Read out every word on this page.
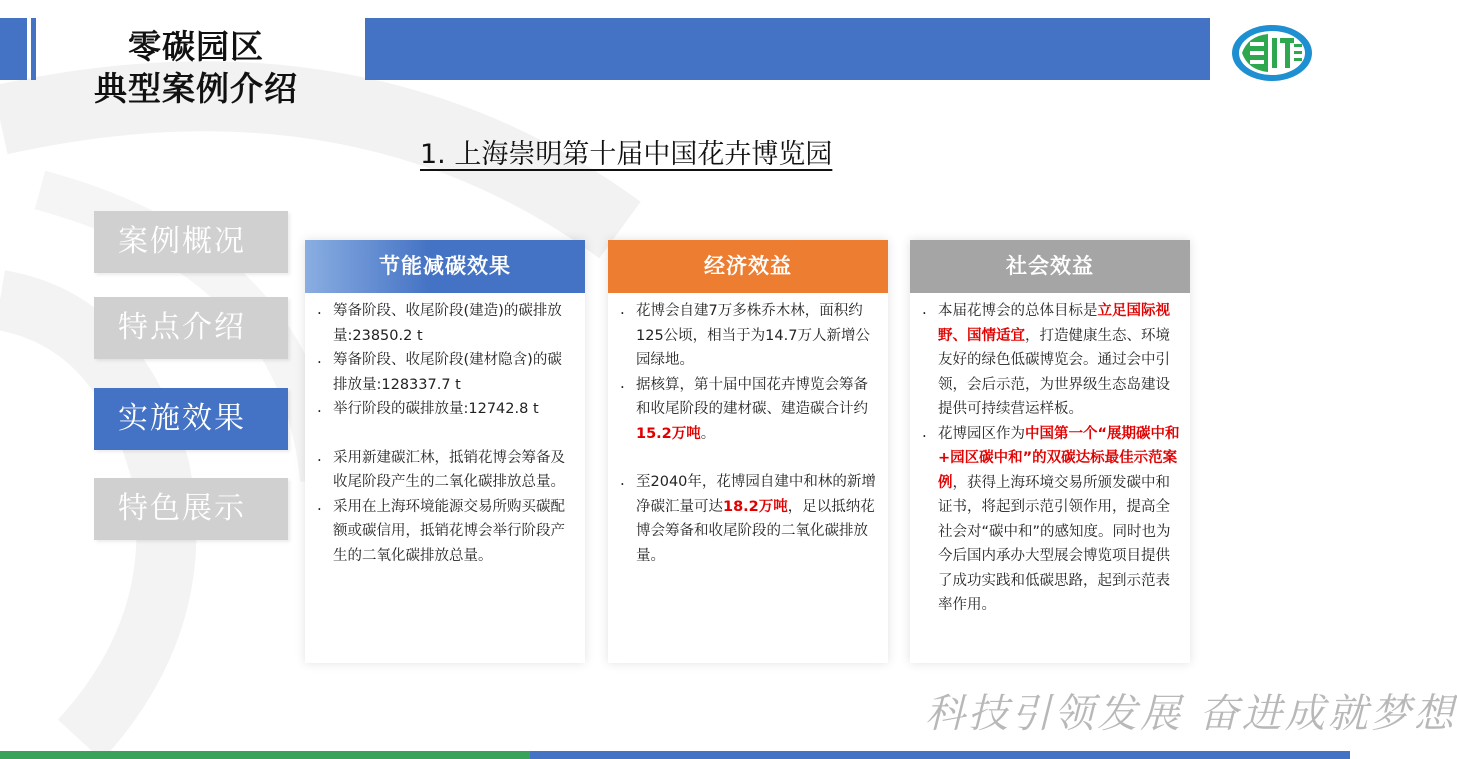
零碳园区
典型案例介绍
1. 上海崇明第十届中国花卉博览园
案例概况
特点介绍
实施效果
特色展示
节能减碳效果
. 筹备阶段、收尾阶段(建造)的碳排放量:23850.2 t
. 筹备阶段、收尾阶段(建材隐含)的碳排放量:128337.7 t
. 举行阶段的碳排放量:12742.8 t
. 采用新建碳汇林，抵销花博会筹备及收尾阶段产生的二氧化碳排放总量。
. 采用在上海环境能源交易所购买碳配额或碳信用，抵销花博会举行阶段产生的二氧化碳排放总量。
经济效益
. 花博会自建7万多株乔木林，面积约125公顷，相当于为14.7万人新增公园绿地。
. 据核算，第十届中国花卉博览会筹备和收尾阶段的建材碳、建造碳合计约15.2万吨。
. 至2040年，花博园自建中和林的新增净碳汇量可达18.2万吨，足以抵纳花博会筹备和收尾阶段的二氧化碳排放量。
社会效益
. 本届花博会的总体目标是立足国际视野、国情适宜，打造健康生态、环境友好的绿色低碳博览会。通过会中引领，会后示范，为世界级生态岛建设提供可持续营运样板。
. 花博园区作为中国第一个“展期碳中和+园区碳中和”的双碳达标最佳示范案例，获得上海环境交易所颁发碳中和证书，将起到示范引领作用，提高全社会对“碳中和”的感知度。同时也为今后国内承办大型展会博览项目提供了成功实践和低碳思路，起到示范表率作用。
科技引领发展 奋进成就梦想
